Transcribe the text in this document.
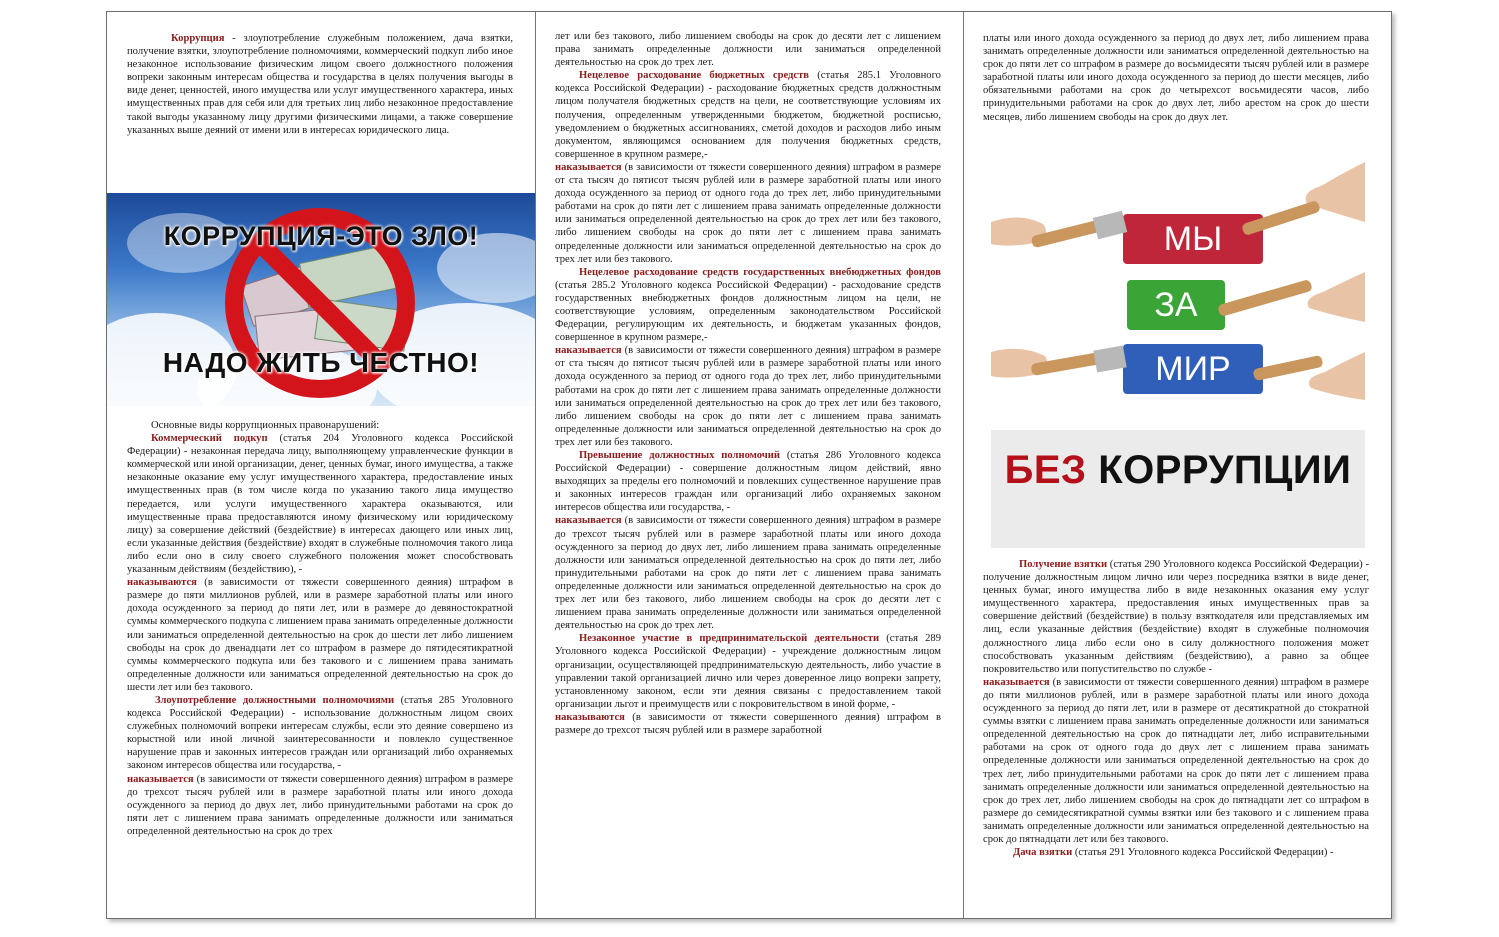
Коррупция - злоупотребление служебным положением, дача взятки, получение взятки, злоупотребление полномочиями, коммерческий подкуп либо иное незаконное использование физическим лицом своего должностного положения вопреки законным интересам общества и государства в целях получения выгоды в виде денег, ценностей, иного имущества или услуг имущественного характера, иных имущественных прав для себя или для третьих лиц либо незаконное предоставление такой выгоды указанному лицу другими физическими лицами, а также совершение указанных выше деяний от имени или в интересах юридического лица.

КОРРУПЦИЯ-ЭТО ЗЛО!
НАДО ЖИТЬ ЧЕСТНО!

Основные виды коррупционных правонарушений:

Коммерческий подкуп (статья 204 Уголовного кодекса Российской Федерации) - незаконная передача лицу, выполняющему управленческие функции в коммерческой или иной организации, денег, ценных бумаг, иного имущества, а также незаконные оказание ему услуг имущественного характера, предоставление иных имущественных прав (в том числе когда по указанию такого лица имущество передается, или услуги имущественного характера оказываются, или имущественные права предоставляются иному физическому или юридическому лицу) за совершение действий (бездействие) в интересах дающего или иных лиц, если указанные действия (бездействие) входят в служебные полномочия такого лица либо если оно в силу своего служебного положения может способствовать указанным действиям (бездействию), -

наказываются (в зависимости от тяжести совершенного деяния) штрафом в размере до пяти миллионов рублей, или в размере заработной платы или иного дохода осужденного за период до пяти лет, или в размере до девяностократной суммы коммерческого подкупа с лишением права занимать определенные должности или заниматься определенной деятельностью на срок до шести лет либо лишением свободы на срок до двенадцати лет со штрафом в размере до пятидесятикратной суммы коммерческого подкупа или без такового и с лишением права занимать определенные должности или заниматься определенной деятельностью на срок до шести лет или без такового.

Злоупотребление должностными полномочиями (статья 285 Уголовного кодекса Российской Федерации) - использование должностным лицом своих служебных полномочий вопреки интересам службы, если это деяние совершено из корыстной или иной личной заинтересованности и повлекло существенное нарушение прав и законных интересов граждан или организаций либо охраняемых законом интересов общества или государства, -

наказывается (в зависимости от тяжести совершенного деяния) штрафом в размере до трехсот тысяч рублей или в размере заработной платы или иного дохода осужденного за период до двух лет, либо принудительными работами на срок до пяти лет с лишением права занимать определенные должности или заниматься определенной деятельностью на срок до трех

лет или без такового, либо лишением свободы на срок до десяти лет с лишением права занимать определенные должности или заниматься определенной деятельностью на срок до трех лет.

Нецелевое расходование бюджетных средств (статья 285.1 Уголовного кодекса Российской Федерации) - расходование бюджетных средств должностным лицом получателя бюджетных средств на цели, не соответствующие условиям их получения, определенным утвержденными бюджетом, бюджетной росписью, уведомлением о бюджетных ассигнованиях, сметой доходов и расходов либо иным документом, являющимся основанием для получения бюджетных средств, совершенное в крупном размере,-

наказывается (в зависимости от тяжести совершенного деяния) штрафом в размере от ста тысяч до пятисот тысяч рублей или в размере заработной платы или иного дохода осужденного за период от одного года до трех лет, либо принудительными работами на срок до пяти лет с лишением права занимать определенные должности или заниматься определенной деятельностью на срок до трех лет или без такового, либо лишением свободы на срок до пяти лет с лишением права занимать определенные должности или заниматься определенной деятельностью на срок до трех лет или без такового.

Нецелевое расходование средств государственных внебюджетных фондов (статья 285.2 Уголовного кодекса Российской Федерации) - расходование средств государственных внебюджетных фондов должностным лицом на цели, не соответствующие условиям, определенным законодательством Российской Федерации, регулирующим их деятельность, и бюджетам указанных фондов, совершенное в крупном размере,-

наказывается (в зависимости от тяжести совершенного деяния) штрафом в размере от ста тысяч до пятисот тысяч рублей или в размере заработной платы или иного дохода осужденного за период от одного года до трех лет, либо принудительными работами на срок до пяти лет с лишением права занимать определенные должности или заниматься определенной деятельностью на срок до трех лет или без такового, либо лишением свободы на срок до пяти лет с лишением права занимать определенные должности или заниматься определенной деятельностью на срок до трех лет или без такового.

Превышение должностных полномочий (статья 286 Уголовного кодекса Российской Федерации) - совершение должностным лицом действий, явно выходящих за пределы его полномочий и повлекших существенное нарушение прав и законных интересов граждан или организаций либо охраняемых законом интересов общества или государства, -

наказывается (в зависимости от тяжести совершенного деяния) штрафом в размере до трехсот тысяч рублей или в размере заработной платы или иного дохода осужденного за период до двух лет, либо лишением права занимать определенные должности или заниматься определенной деятельностью на срок до пяти лет, либо принудительными работами на срок до пяти лет с лишением права занимать определенные должности или заниматься определенной деятельностью на срок до трех лет или без такового, либо лишением свободы на срок до десяти лет с лишением права занимать определенные должности или заниматься определенной деятельностью на срок до трех лет.

Незаконное участие в предпринимательской деятельности (статья 289 Уголовного кодекса Российской Федерации) - учреждение должностным лицом организации, осуществляющей предпринимательскую деятельность, либо участие в управлении такой организацией лично или через доверенное лицо вопреки запрету, установленному законом, если эти деяния связаны с предоставлением такой организации льгот и преимуществ или с покровительством в иной форме, -

наказываются (в зависимости от тяжести совершенного деяния) штрафом в размере до трехсот тысяч рублей или в размере заработной

платы или иного дохода осужденного за период до двух лет, либо лишением права занимать определенные должности или заниматься определенной деятельностью на срок до пяти лет со штрафом в размере до восьмидесяти тысяч рублей или в размере заработной платы или иного дохода осужденного за период до шести месяцев, либо обязательными работами на срок до четырехсот восьмидесяти часов, либо принудительными работами на срок до двух лет, либо арестом на срок до шести месяцев, либо лишением свободы на срок до двух лет.

МЫ
ЗА
МИР
БЕЗ КОРРУПЦИИ

Получение взятки (статья 290 Уголовного кодекса Российской Федерации) - получение должностным лицом лично или через посредника взятки в виде денег, ценных бумаг, иного имущества либо в виде незаконных оказания ему услуг имущественного характера, предоставления иных имущественных прав за совершение действий (бездействие) в пользу взяткодателя или представляемых им лиц, если указанные действия (бездействие) входят в служебные полномочия должностного лица либо если оно в силу должностного положения может способствовать указанным действиям (бездействию), а равно за общее покровительство или попустительство по службе -

наказывается (в зависимости от тяжести совершенного деяния) штрафом в размере до пяти миллионов рублей, или в размере заработной платы или иного дохода осужденного за период до пяти лет, или в размере от десятикратной до стократной суммы взятки с лишением права занимать определенные должности или заниматься определенной деятельностью на срок до пятнадцати лет, либо исправительными работами на срок от одного года до двух лет с лишением права занимать определенные должности или заниматься определенной деятельностью на срок до трех лет, либо принудительными работами на срок до пяти лет с лишением права занимать определенные должности или заниматься определенной деятельностью на срок до трех лет, либо лишением свободы на срок до пятнадцати лет со штрафом в размере до семидесятикратной суммы взятки или без такового и с лишением права занимать определенные должности или заниматься определенной деятельностью на срок до пятнадцати лет или без такового.

Дача взятки (статья 291 Уголовного кодекса Российской Федерации) -
